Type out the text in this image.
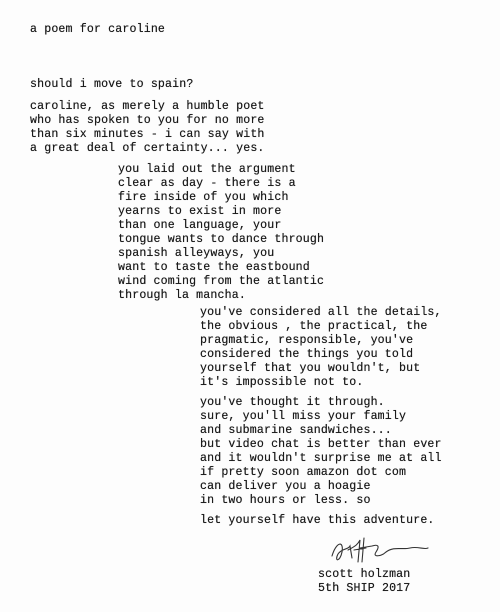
a poem for caroline
should i move to spain?
caroline, as merely a humble poet
who has spoken to you for no more
than six minutes - i can say with
a great deal of certainty... yes.
you laid out the argument
clear as day - there is a
fire inside of you which
yearns to exist in more
than one language, your
tongue wants to dance through
spanish alleyways, you
want to taste the eastbound
wind coming from the atlantic
through la mancha.
you've considered all the details,
the obvious , the practical, the
pragmatic, responsible, you've
considered the things you told
yourself that you wouldn't, but
it's impossible not to.
you've thought it through.
sure, you'll miss your family
and submarine sandwiches...
but video chat is better than ever
and it wouldn't surprise me at all
if pretty soon amazon dot com
can deliver you a hoagie
in two hours or less. so
let yourself have this adventure.
scott holzman
5th SHIP 2017
